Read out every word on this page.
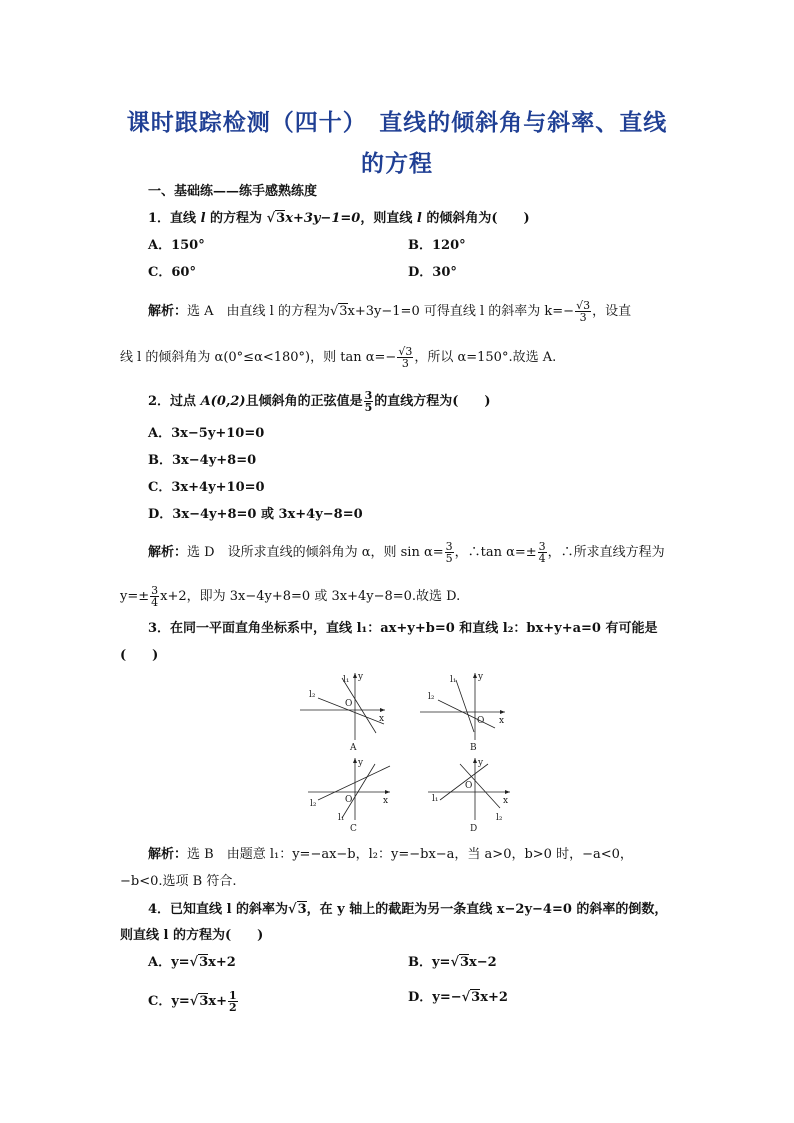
课时跟踪检测（四十）　直线的倾斜角与斜率、直线
的方程
一、基础练——练手感熟练度
1．直线 l 的方程为 √3x+3y−1=0，则直线 l 的倾斜角为(　　)
A．150°	B．120°
C．60°	D．30°
解析：选 A　由直线 l 的方程为√3x+3y−1=0 可得直线 l 的斜率为 $k=- \frac{√3}{3}$ ，设直
线 l 的倾斜角为 α(0°≤α<180°)，则 $\tan \alpha=- \frac{√3}{3}$ ，所以 α=150°.故选 A.
2．过点 A(0,2)且倾斜角的正弦值是 $\frac{3}{5}$ 的直线方程为(　　)
A．3x−5y+10=0
B．3x−4y+8=0
C．3x+4y+10=0
D．3x−4y+8=0 或 3x+4y−8=0
解析：选 D　设所求直线的倾斜角为 α，则 $\sin \alpha= \frac{3}{5}$ ，∴tan $\alpha=\pm \frac{3}{4}$ ，∴所求直线方程为
$y=\pm \frac{3}{4} x+2$，即为 3x−4y+8=0 或 3x+4y−8=0.故选 D.
3．在同一平面直角坐标系中，直线 l₁：ax+y+b=0 和直线 l₂：bx+y+a=0 有可能是
(　　)
l₁
l₂
y
x
O
A
l₁
l₂
y
x
O
B
l₁
l₂
y
x
O
C
l₁
l₂
y
x
O
D
解析：选 B　由题意 l₁：y=−ax−b，l₂：y=−bx−a，当 a>0，b>0 时，−a<0，
−b<0.选项 B 符合.
4．已知直线 l 的斜率为√3，在 y 轴上的截距为另一条直线 x−2y−4=0 的斜率的倒数，
则直线 l 的方程为(　　)
A．y=√3x+2	B．y=√3x−2
C．$y=√3x+ \frac{1}{2}$	D．y=−√3x+2
